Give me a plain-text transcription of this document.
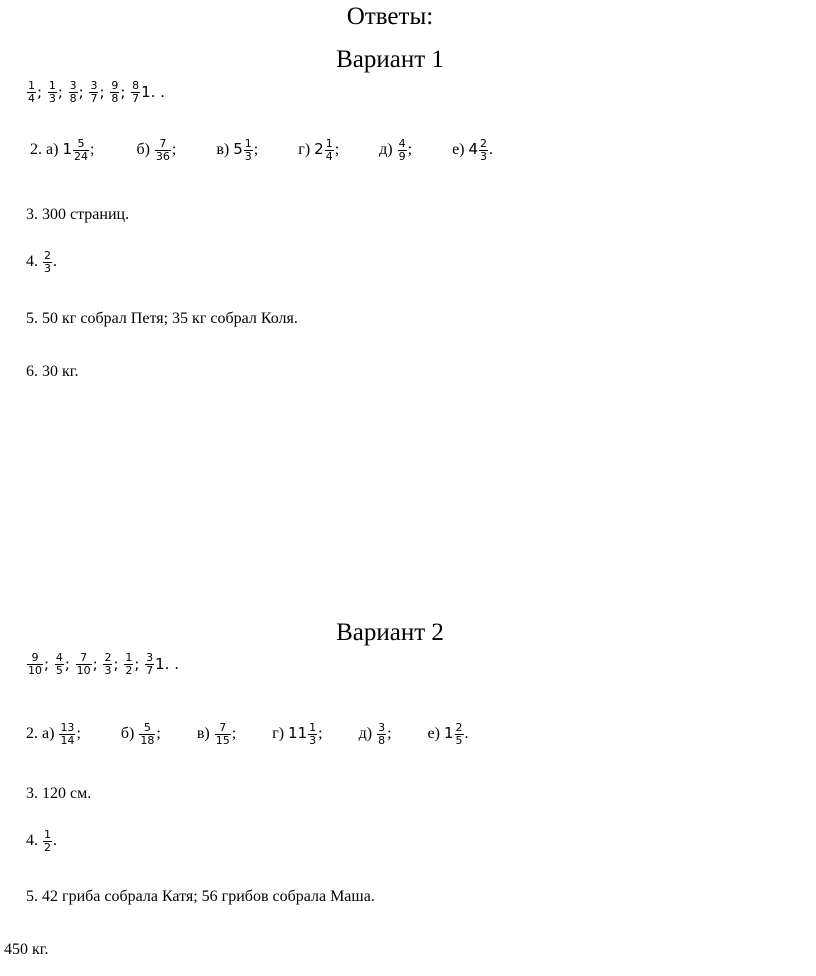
Ответы:
Вариант 1
$\frac{1}{4}$ ; $\frac{1}{3}$ ; $\frac{3}{8}$ ; $\frac{3}{7}$ ; $\frac{9}{8}$ ; $\frac{8}{7} 1$. .
2. а) $1 \frac{5}{24}$ ;	$б) \frac{7}{36}$ ;	в) $5 \frac{1}{3}$ ;	г) $2 \frac{1}{4}$ ;	$д) \frac{4}{9}$ ;	е) $4 \frac{2}{3}$ .
3. 300 страниц.
4. $\frac{2}{3}$ .
5. 50 кг собрал Петя; 35 кг собрал Коля.
6. 30 кг.
Вариант 2
$\frac{9}{10}$ ; $\frac{4}{5}$ ; $\frac{7}{10}$ ; $\frac{2}{3}$ ; $\frac{1}{2}$ ; $\frac{3}{7} 1$. .
2. $а) \frac{13}{14}$ ;	$б) \frac{5}{18}$ ; $в) \frac{7}{15}$ ; г) $11 \frac{1}{3}$ ; $д) \frac{3}{8}$ ; е) $1 \frac{2}{5}$ .
3. 120 см.
4. $\frac{1}{2}$ .
5. 42 гриба собрала Катя; 56 грибов собрала Маша.
450 кг.
